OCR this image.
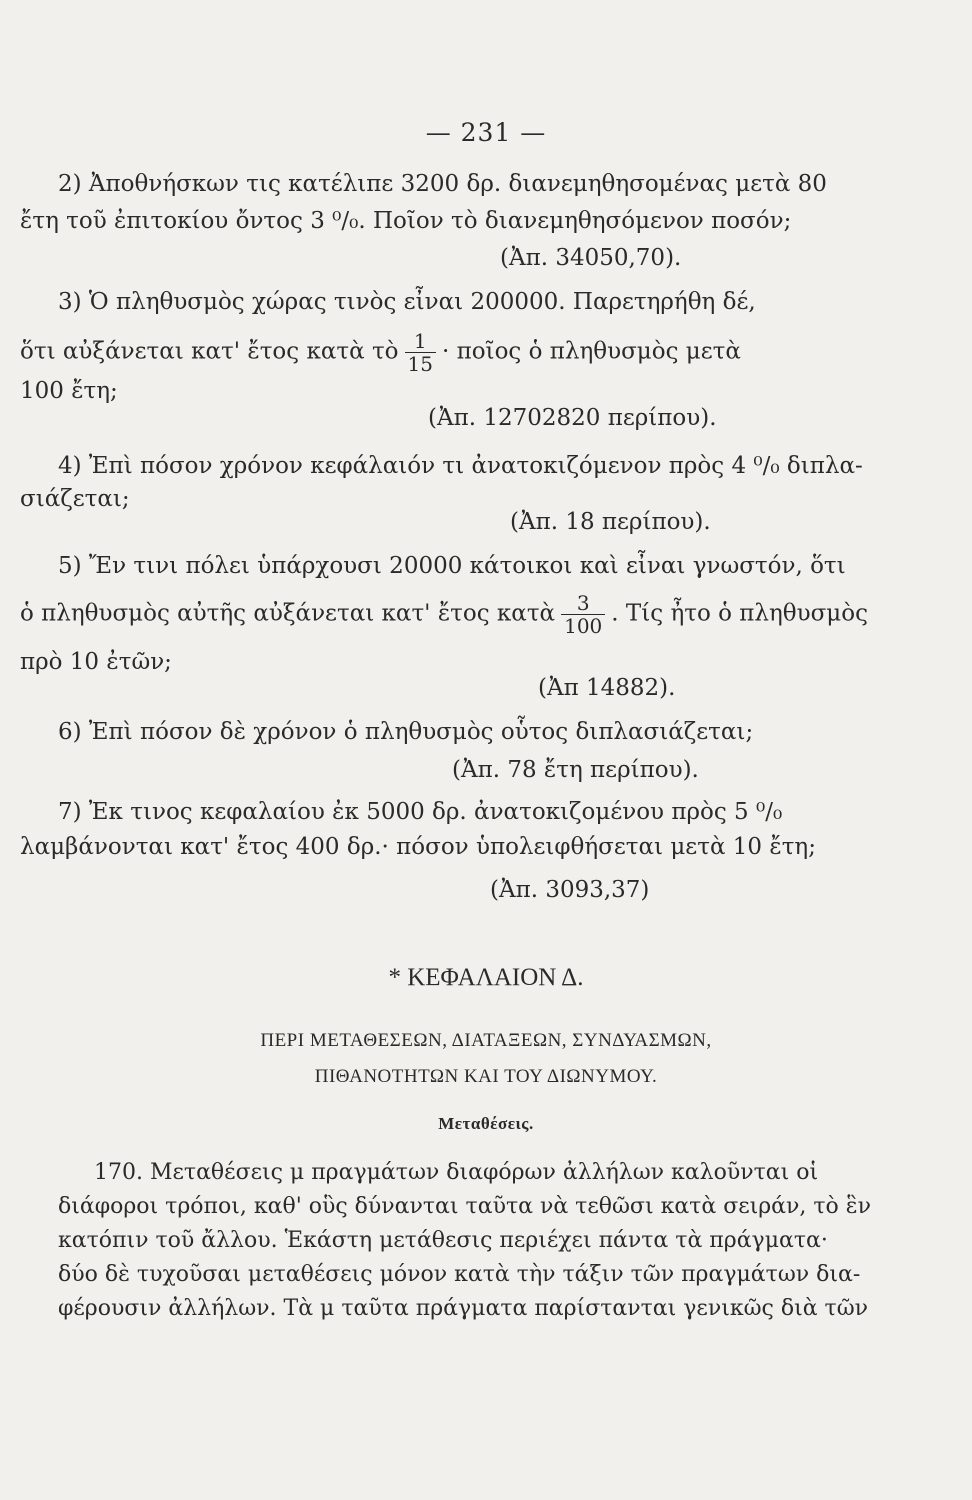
— 231 —
2) Ἀποθνήσκων τις κατέλιπε 3200 δρ. διανεμηθησομένας μετὰ 80
ἔτη τοῦ ἐπιτοκίου ὄντος 3 ⁰/₀. Ποῖον τὸ διανεμηθησόμενον ποσόν;
(Ἀπ. 34050,70).
3) Ὁ πληθυσμὸς χώρας τινὸς εἶναι 200000. Παρετηρήθη δέ,
ὅτι αὐξάνεται κατ' ἔτος κατὰ τὸ $\frac{1}{15}$ · ποῖος ὁ πληθυσμὸς μετὰ
100 ἔτη;
(Ἀπ. 12702820 περίπου).
4) Ἐπὶ πόσον χρόνον κεφάλαιόν τι ἀνατοκιζόμενον πρὸς 4 ⁰/₀ διπλα-
σιάζεται;
(Ἀπ. 18 περίπου).
5) Ἔν τινι πόλει ὑπάρχουσι 20000 κάτοικοι καὶ εἶναι γνωστόν, ὅτι
ὁ πληθυσμὸς αὐτῆς αὐξάνεται κατ' ἔτος κατὰ $\frac{3}{100}$ . Τίς ἦτο ὁ πληθυσμὸς
πρὸ 10 ἐτῶν;
(Ἀπ 14882).
6) Ἐπὶ πόσον δὲ χρόνον ὁ πληθυσμὸς οὗτος διπλασιάζεται;
(Ἀπ. 78 ἔτη περίπου).
7) Ἐκ τινος κεφαλαίου ἐκ 5000 δρ. ἀνατοκιζομένου πρὸς 5 ⁰/₀
λαμβάνονται κατ' ἔτος 400 δρ.· πόσον ὑπολειφθήσεται μετὰ 10 ἔτη;
(Ἀπ. 3093,37)
* ΚΕΦΑΛΑΙΟΝ Δ.
ΠΕΡΙ ΜΕΤΑΘΕΣΕΩΝ, ΔΙΑΤΑΞΕΩΝ, ΣΥΝΔΥΑΣΜΩΝ,
ΠΙΘΑΝΟΤΗΤΩΝ ΚΑΙ ΤΟΥ ΔΙΩΝΥΜΟΥ.
Μεταθέσεις.
170. Μεταθέσεις μ πραγμάτων διαφόρων ἀλλήλων καλοῦνται οἱ
διάφοροι τρόποι, καθ' οὓς δύνανται ταῦτα νὰ τεθῶσι κατὰ σειράν, τὸ ἓν
κατόπιν τοῦ ἄλλου. Ἑκάστη μετάθεσις περιέχει πάντα τὰ πράγματα·
δύο δὲ τυχοῦσαι μεταθέσεις μόνον κατὰ τὴν τάξιν τῶν πραγμάτων δια-
φέρουσιν ἀλλήλων. Τὰ μ ταῦτα πράγματα παρίστανται γενικῶς διὰ τῶν
